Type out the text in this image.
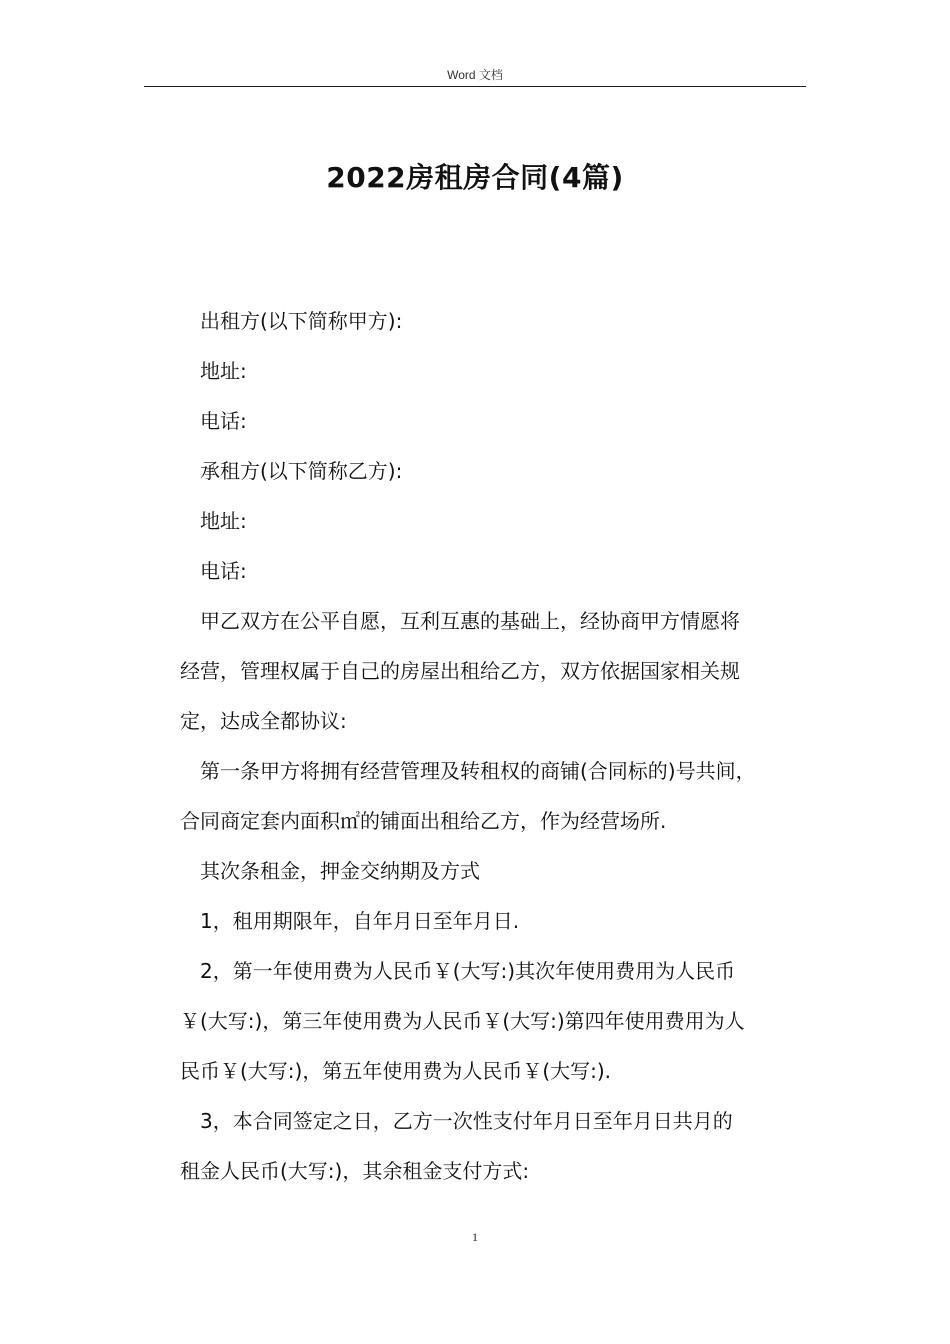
Word 文档
2022房租房合同(4篇)

出租方(以下简称甲方):

地址:

电话:

承租方(以下简称乙方):

地址:

电话:

甲乙双方在公平自愿，互利互惠的基础上，经协商甲方情愿将
经营，管理权属于自己的房屋出租给乙方，双方依据国家相关规
定，达成全都协议:

第一条甲方将拥有经营管理及转租权的商铺(合同标的)号共间，
合同商定套内面积㎡的铺面出租给乙方，作为经营场所.

其次条租金，押金交纳期及方式

1，租用期限年，自年月日至年月日.

2，第一年使用费为人民币￥(大写:)其次年使用费用为人民币
￥(大写:)，第三年使用费为人民币￥(大写:)第四年使用费用为人
民币￥(大写:)，第五年使用费为人民币￥(大写:).

3，本合同签定之日，乙方一次性支付年月日至年月日共月的
租金人民币(大写:)，其余租金支付方式:

1
